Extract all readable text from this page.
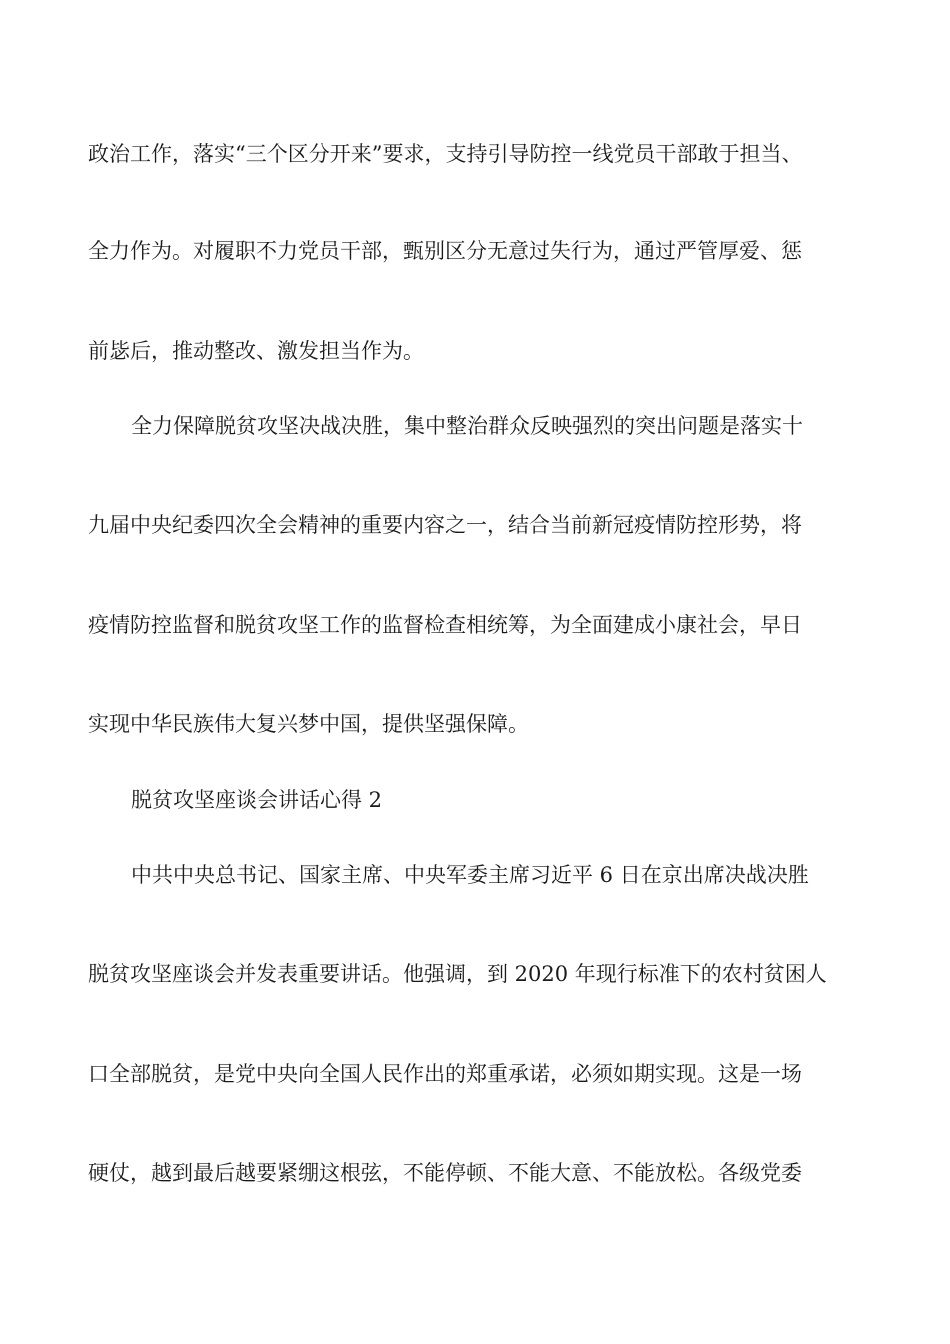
政治工作，落实“三个区分开来”要求，支持引导防控一线党员干部敢于担当、
全力作为。对履职不力党员干部，甄别区分无意过失行为，通过严管厚爱、惩
前毖后，推动整改、激发担当作为。
全力保障脱贫攻坚决战决胜，集中整治群众反映强烈的突出问题是落实十
九届中央纪委四次全会精神的重要内容之一，结合当前新冠疫情防控形势，将
疫情防控监督和脱贫攻坚工作的监督检查相统筹，为全面建成小康社会，早日
实现中华民族伟大复兴梦中国，提供坚强保障。
脱贫攻坚座谈会讲话心得 2
中共中央总书记、国家主席、中央军委主席习近平 6 日在京出席决战决胜
脱贫攻坚座谈会并发表重要讲话。他强调，到 2020 年现行标准下的农村贫困人
口全部脱贫，是党中央向全国人民作出的郑重承诺，必须如期实现。这是一场
硬仗，越到最后越要紧绷这根弦，不能停顿、不能大意、不能放松。各级党委
